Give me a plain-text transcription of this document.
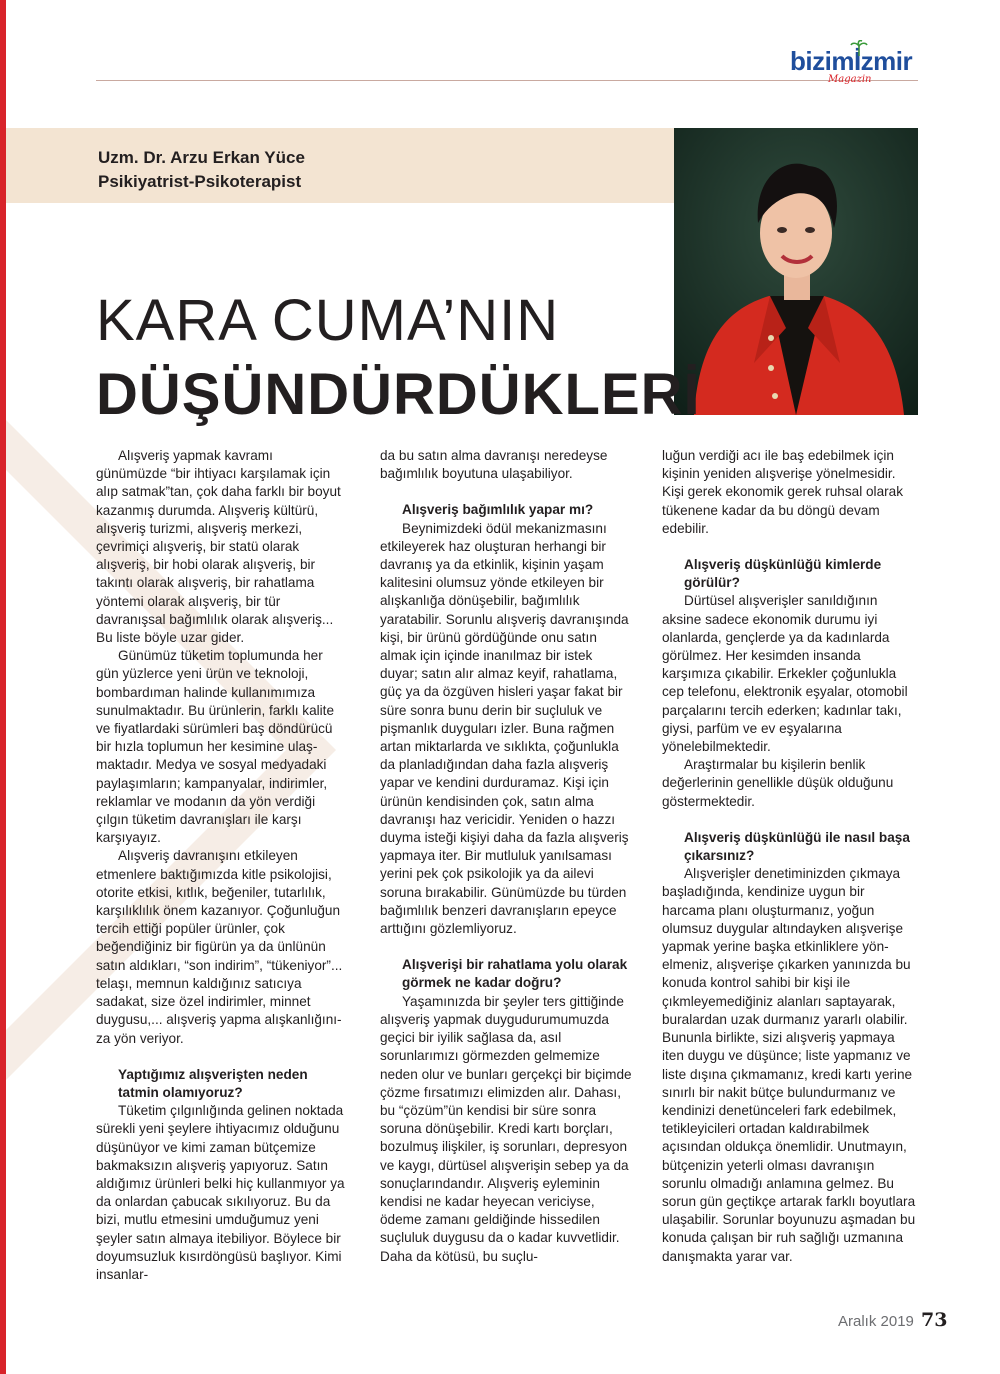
bizimİzmir
Magazin
Uzm. Dr. Arzu Erkan Yüce
Psikiyatrist-Psikoterapist
KARA CUMA’NIN
DÜŞÜNDÜRDÜKLERİ

Alışveriş yapmak kavramı günümüzde “bir ihtiyacı karşılamak için alıp satmak”tan, çok daha farklı bir boyut kazanmış durumda. Alışveriş kültürü, alışveriş turizmi, alışveriş merkezi, çevrimiçi alışveriş, bir statü olarak alışveriş, bir hobi olarak alışveriş, bir takıntı olarak alışveriş, bir rahatlama yöntemi olarak alışveriş, bir tür davranışsal bağımlılık olarak alışveriş... Bu liste böyle uzar gider.

Günümüz tüketim toplumunda her gün yüzlerce yeni ürün ve teknoloji, bombardıman halinde kullanımımıza sunulmaktadır. Bu ürünlerin, farklı kalite ve fiyatlardaki sürümleri baş döndürücü bir hızla toplumun her kesimine ulaşmaktadır. Medya ve sosyal medyadaki paylaşımların; kampanyalar, indirimler, reklamlar ve modanın da yön verdiği çılgın tüketim davranışları ile karşı karşıyayız.

Alışveriş davranışını etkileyen etmenlere baktığımızda kitle psikolojisi, otorite etkisi, kıtlık, beğeniler, tutarlılık, karşılıklılık önem kazanıyor. Çoğunluğun tercih ettiği popüler ürünler, çok beğendiğiniz bir figürün ya da ünlünün satın aldıkları, “son indirim”, “tükeniyor”... telaşı, memnun kaldığınız satıcıya sadakat, size özel indirimler, minnet duygusu,... alışveriş yapma alışkanlığınıza yön veriyor.

Yaptığımız alışverişten neden tatmin olamıyoruz?

Tüketim çılgınlığında gelinen noktada sürekli yeni şeylere ihtiyacımız olduğunu düşünüyor ve kimi zaman bütçemize bakmaksızın alışveriş yapıyoruz. Satın aldığımız ürünleri belki hiç kullanmıyor ya da onlardan çabucak sıkılıyoruz. Bu da bizi, mutlu etmesini umduğumuz yeni şeyler satın almaya itebiliyor. Böylece bir doyumsuzluk kısırdöngüsü başlıyor. Kimi insanlar-

da bu satın alma davranışı neredeyse bağımlılık boyutuna ulaşabiliyor.

Alışveriş bağımlılık yapar mı?

Beynimizdeki ödül mekanizmasını etkileyerek haz oluşturan herhangi bir davranış ya da etkinlik, kişinin yaşam kalitesini olumsuz yönde etkileyen bir alışkanlığa dönüşebilir, bağımlılık yaratabilir. Sorunlu alışveriş davranışında kişi, bir ürünü gördüğünde onu satın almak için içinde inanılmaz bir istek duyar; satın alır almaz keyif, rahatlama, güç ya da özgüven hisleri yaşar fakat bir süre sonra bunu derin bir suçluluk ve pişmanlık duyguları izler. Buna rağmen artan miktarlarda ve sıklıkta, çoğunlukla da planladığından daha fazla alışveriş yapar ve kendini durduramaz. Kişi için ürünün kendisinden çok, satın alma davranışı haz vericidir. Yeniden o hazzı duyma isteği kişiyi daha da fazla alışveriş yapmaya iter. Bir mutluluk yanılsaması yerini pek çok psikolojik ya da ailevi soruna bırakabilir. Günümüzde bu türden bağımlılık benzeri davranışların epeyce arttığını gözlemliyoruz.

Alışverişi bir rahatlama yolu olarak görmek ne kadar doğru?

Yaşamınızda bir şeyler ters gittiğinde alışveriş yapmak duygudurumumuzda geçici bir iyilik sağlasa da, asıl sorunlarımızı görmezden gelmemize neden olur ve bunları gerçekçi bir biçimde çözme fırsatımızı elimizden alır. Dahası, bu “çözüm”ün kendisi bir süre sonra soruna dönüşebilir. Kredi kartı borçları, bozulmuş ilişkiler, iş sorunları, depresyon ve kaygı, dürtüsel alışverişin sebep ya da sonuçlarındandır. Alışveriş eyleminin kendisi ne kadar heyecan vericiyse, ödeme zamanı geldiğinde hissedilen suçluluk duygusu da o kadar kuvvetlidir. Daha da kötüsü, bu suçlu-

luğun verdiği acı ile baş edebilmek için kişinin yeniden alışverişe yönelmesidir. Kişi gerek ekonomik gerek ruhsal olarak tükenene kadar da bu döngü devam edebilir.

Alışveriş düşkünlüğü kimlerde görülür?

Dürtüsel alışverişler sanıldığının aksine sadece ekonomik durumu iyi olanlarda, gençlerde ya da kadınlarda görülmez. Her kesimden insanda karşımıza çıkabilir. Erkekler çoğunlukla cep telefonu, elektronik eşyalar, otomobil parçalarını tercih ederken; kadınlar takı, giysi, parfüm ve ev eşyalarına yönelebilmektedir.

Araştırmalar bu kişilerin benlik değerlerinin genellikle düşük olduğunu göstermektedir.

Alışveriş düşkünlüğü ile nasıl başa çıkarsınız?

Alışverişler denetiminizden çıkmaya başladığında, kendinize uygun bir harcama planı oluşturmanız, yoğun olumsuz duygular altındayken alışverişe yapmak yerine başka etkinliklere yönelmeniz, alışverişe çıkarken yanınızda bu konuda kontrol sahibi bir kişi ile çıkmleyemediğiniz alanları saptayarak, buralardan uzak durmanız yararlı olabilir. Bununla birlikte, sizi alışveriş yapmaya iten duygu ve düşünce; liste yapmanız ve liste dışına çıkmamanız, kredi kartı yerine sınırlı bir nakit bütçe bulundurmanız ve kendinizi denetünceleri fark edebilmek, tetikleyicileri ortadan kaldırabilmek açısından oldukça önemlidir. Unutmayın, bütçenizin yeterli olması davranışın sorunlu olmadığı anlamına gelmez. Bu sorun gün geçtikçe artarak farklı boyutlara ulaşabilir. Sorunlar boyunuzu aşmadan bu konuda çalışan bir ruh sağlığı uzmanına danışmakta yarar var.

Aralık 2019 73
